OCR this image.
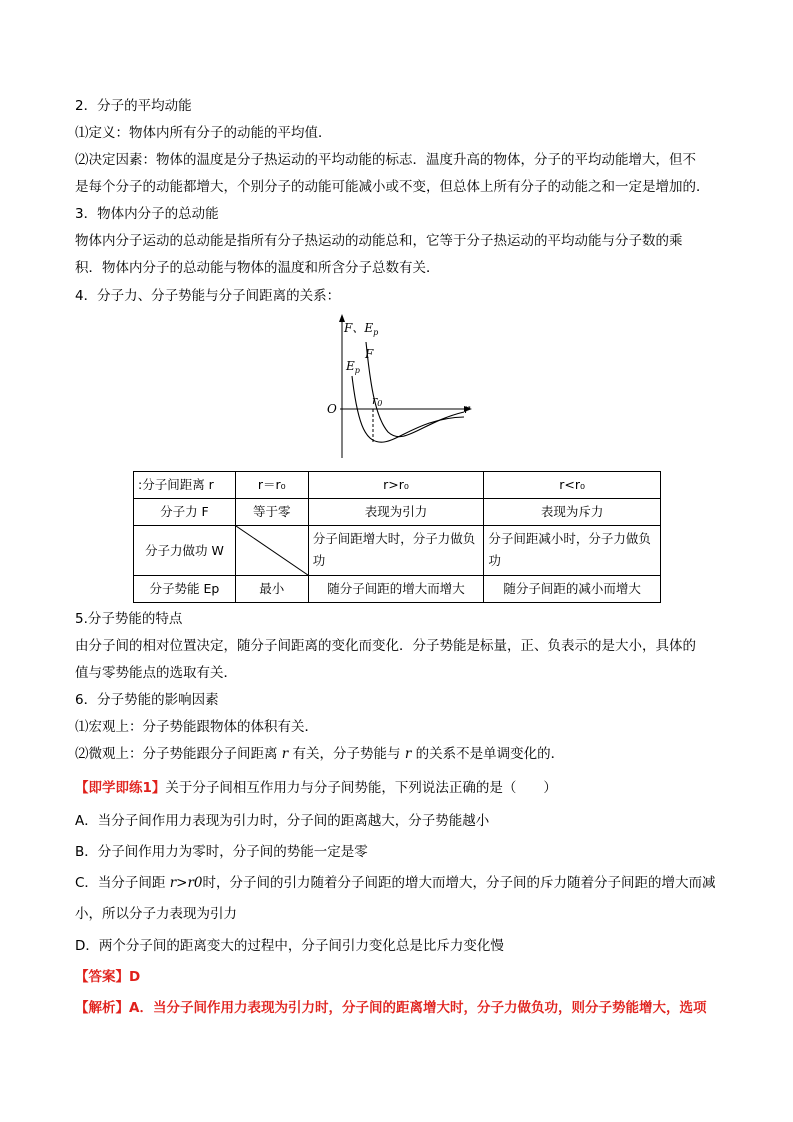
2．分子的平均动能
⑴定义：物体内所有分子的动能的平均值．
⑵决定因素：物体的温度是分子热运动的平均动能的标志．温度升高的物体，分子的平均动能增大，但不
是每个分子的动能都增大，个别分子的动能可能减小或不变，但总体上所有分子的动能之和一定是增加的．
3．物体内分子的总动能
物体内分子运动的总动能是指所有分子热运动的动能总和，它等于分子热运动的平均动能与分子数的乘
积．物体内分子的总动能与物体的温度和所含分子总数有关．
4．分子力、分子势能与分子间距离的关系：
F、$E_p$
F
$E_p$
O
r0	r
:分子间距离 r	r＝r₀	r>r₀	r<r₀
分子力 F	等于零	表现为引力	表现为斥力
分子力做功 W		分子间距增大时，分子力做负功	分子间距减小时，分子力做负功
分子势能 Ep	最小	随分子间距的增大而增大	随分子间距的减小而增大
5.分子势能的特点
由分子间的相对位置决定，随分子间距离的变化而变化．分子势能是标量，正、负表示的是大小，具体的
值与零势能点的选取有关．
6．分子势能的影响因素
⑴宏观上：分子势能跟物体的体积有关．
⑵微观上：分子势能跟分子间距离 r 有关，分子势能与 r 的关系不是单调变化的．
【即学即练1】关于分子间相互作用力与分子间势能，下列说法正确的是（　　）
A．当分子间作用力表现为引力时，分子间的距离越大，分子势能越小
B．分子间作用力为零时，分子间的势能一定是零
C．当分子间距 r>r0时，分子间的引力随着分子间距的增大而增大，分子间的斥力随着分子间距的增大而减
小，所以分子力表现为引力
D．两个分子间的距离变大的过程中，分子间引力变化总是比斥力变化慢
【答案】D
【解析】A．当分子间作用力表现为引力时，分子间的距离增大时，分子力做负功，则分子势能增大，选项
